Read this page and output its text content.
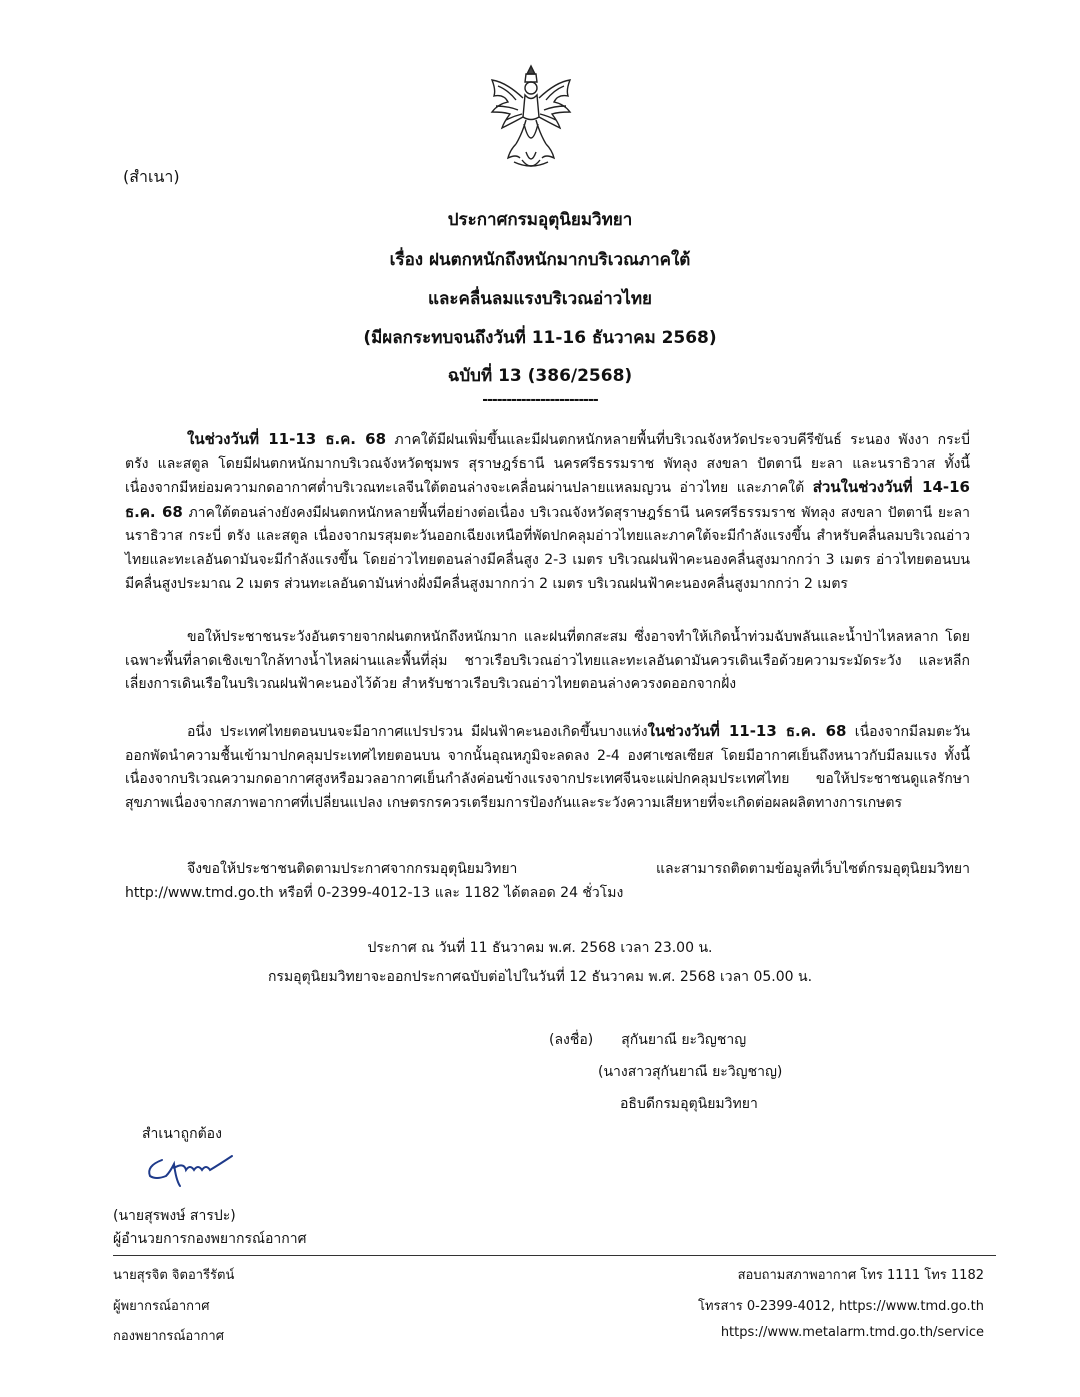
(สำเนา)
ประกาศกรมอุตุนิยมวิทยา
เรื่อง ฝนตกหนักถึงหนักมากบริเวณภาคใต้
และคลื่นลมแรงบริเวณอ่าวไทย
(มีผลกระทบจนถึงวันที่ 11-16 ธันวาคม 2568)
ฉบับที่ 13 (386/2568)
------------------------

ในช่วงวันที่ 11-13 ธ.ค. 68 ภาคใต้มีฝนเพิ่มขึ้นและมีฝนตกหนักหลายพื้นที่บริเวณจังหวัดประจวบคีรีขันธ์ ระนอง พังงา กระบี่ ตรัง และสตูล โดยมีฝนตกหนักมากบริเวณจังหวัดชุมพร สุราษฎร์ธานี นครศรีธรรมราช พัทลุง สงขลา ปัตตานี ยะลา และนราธิวาส ทั้งนี้เนื่องจากมีหย่อมความกดอากาศต่ำบริเวณทะเลจีนใต้ตอนล่างจะเคลื่อนผ่านปลายแหลมญวน อ่าวไทย และภาคใต้ ส่วนในช่วงวันที่ 14-16 ธ.ค. 68 ภาคใต้ตอนล่างยังคงมีฝนตกหนักหลายพื้นที่อย่างต่อเนื่อง บริเวณจังหวัดสุราษฎร์ธานี นครศรีธรรมราช พัทลุง สงขลา ปัตตานี ยะลา นราธิวาส กระบี่ ตรัง และสตูล เนื่องจากมรสุมตะวันออกเฉียงเหนือที่พัดปกคลุมอ่าวไทยและภาคใต้จะมีกำลังแรงขึ้น สำหรับคลื่นลมบริเวณอ่าวไทยและทะเลอันดามันจะมีกำลังแรงขึ้น โดยอ่าวไทยตอนล่างมีคลื่นสูง 2-3 เมตร บริเวณฝนฟ้าคะนองคลื่นสูงมากกว่า 3 เมตร อ่าวไทยตอนบนมีคลื่นสูงประมาณ 2 เมตร ส่วนทะเลอันดามันห่างฝั่งมีคลื่นสูงมากกว่า 2 เมตร บริเวณฝนฟ้าคะนองคลื่นสูงมากกว่า 2 เมตร

ขอให้ประชาชนระวังอันตรายจากฝนตกหนักถึงหนักมาก และฝนที่ตกสะสม ซึ่งอาจทำให้เกิดน้ำท่วมฉับพลันและน้ำป่าไหลหลาก โดยเฉพาะพื้นที่ลาดเชิงเขาใกล้ทางน้ำไหลผ่านและพื้นที่ลุ่ม ชาวเรือบริเวณอ่าวไทยและทะเลอันดามันควรเดินเรือด้วยความระมัดระวัง และหลีกเลี่ยงการเดินเรือในบริเวณฝนฟ้าคะนองไว้ด้วย สำหรับชาวเรือบริเวณอ่าวไทยตอนล่างควรงดออกจากฝั่ง

อนึ่ง ประเทศไทยตอนบนจะมีอากาศแปรปรวน มีฝนฟ้าคะนองเกิดขึ้นบางแห่งในช่วงวันที่ 11-13 ธ.ค. 68 เนื่องจากมีลมตะวันออกพัดนำความชื้นเข้ามาปกคลุมประเทศไทยตอนบน จากนั้นอุณหภูมิจะลดลง 2-4 องศาเซลเซียส โดยมีอากาศเย็นถึงหนาวกับมีลมแรง ทั้งนี้เนื่องจากบริเวณความกดอากาศสูงหรือมวลอากาศเย็นกำลังค่อนข้างแรงจากประเทศจีนจะแผ่ปกคลุมประเทศไทย ขอให้ประชาชนดูแลรักษาสุขภาพเนื่องจากสภาพอากาศที่เปลี่ยนแปลง เกษตรกรควรเตรียมการป้องกันและระวังความเสียหายที่จะเกิดต่อผลผลิตทางการเกษตร

จึงขอให้ประชาชนติดตามประกาศจากกรมอุตุนิยมวิทยา และสามารถติดตามข้อมูลที่เว็บไซต์กรมอุตุนิยมวิทยา http://www.tmd.go.th หรือที่ 0-2399-4012-13 และ 1182 ได้ตลอด 24 ชั่วโมง

ประกาศ ณ วันที่ 11 ธันวาคม พ.ศ. 2568 เวลา 23.00 น.
กรมอุตุนิยมวิทยาจะออกประกาศฉบับต่อไปในวันที่ 12 ธันวาคม พ.ศ. 2568 เวลา 05.00 น.
(ลงชื่อ) สุกันยาณี ยะวิญชาญ
(นางสาวสุกันยาณี ยะวิญชาญ)
อธิบดีกรมอุตุนิยมวิทยา
สำเนาถูกต้อง
(นายสุรพงษ์ สารปะ)
ผู้อำนวยการกองพยากรณ์อากาศ
นายสุรจิต จิตอารีรัตน์
ผู้พยากรณ์อากาศ
กองพยากรณ์อากาศ
สอบถามสภาพอากาศ โทร 1111 โทร 1182
โทรสาร 0-2399-4012, https://www.tmd.go.th
https://www.metalarm.tmd.go.th/service
